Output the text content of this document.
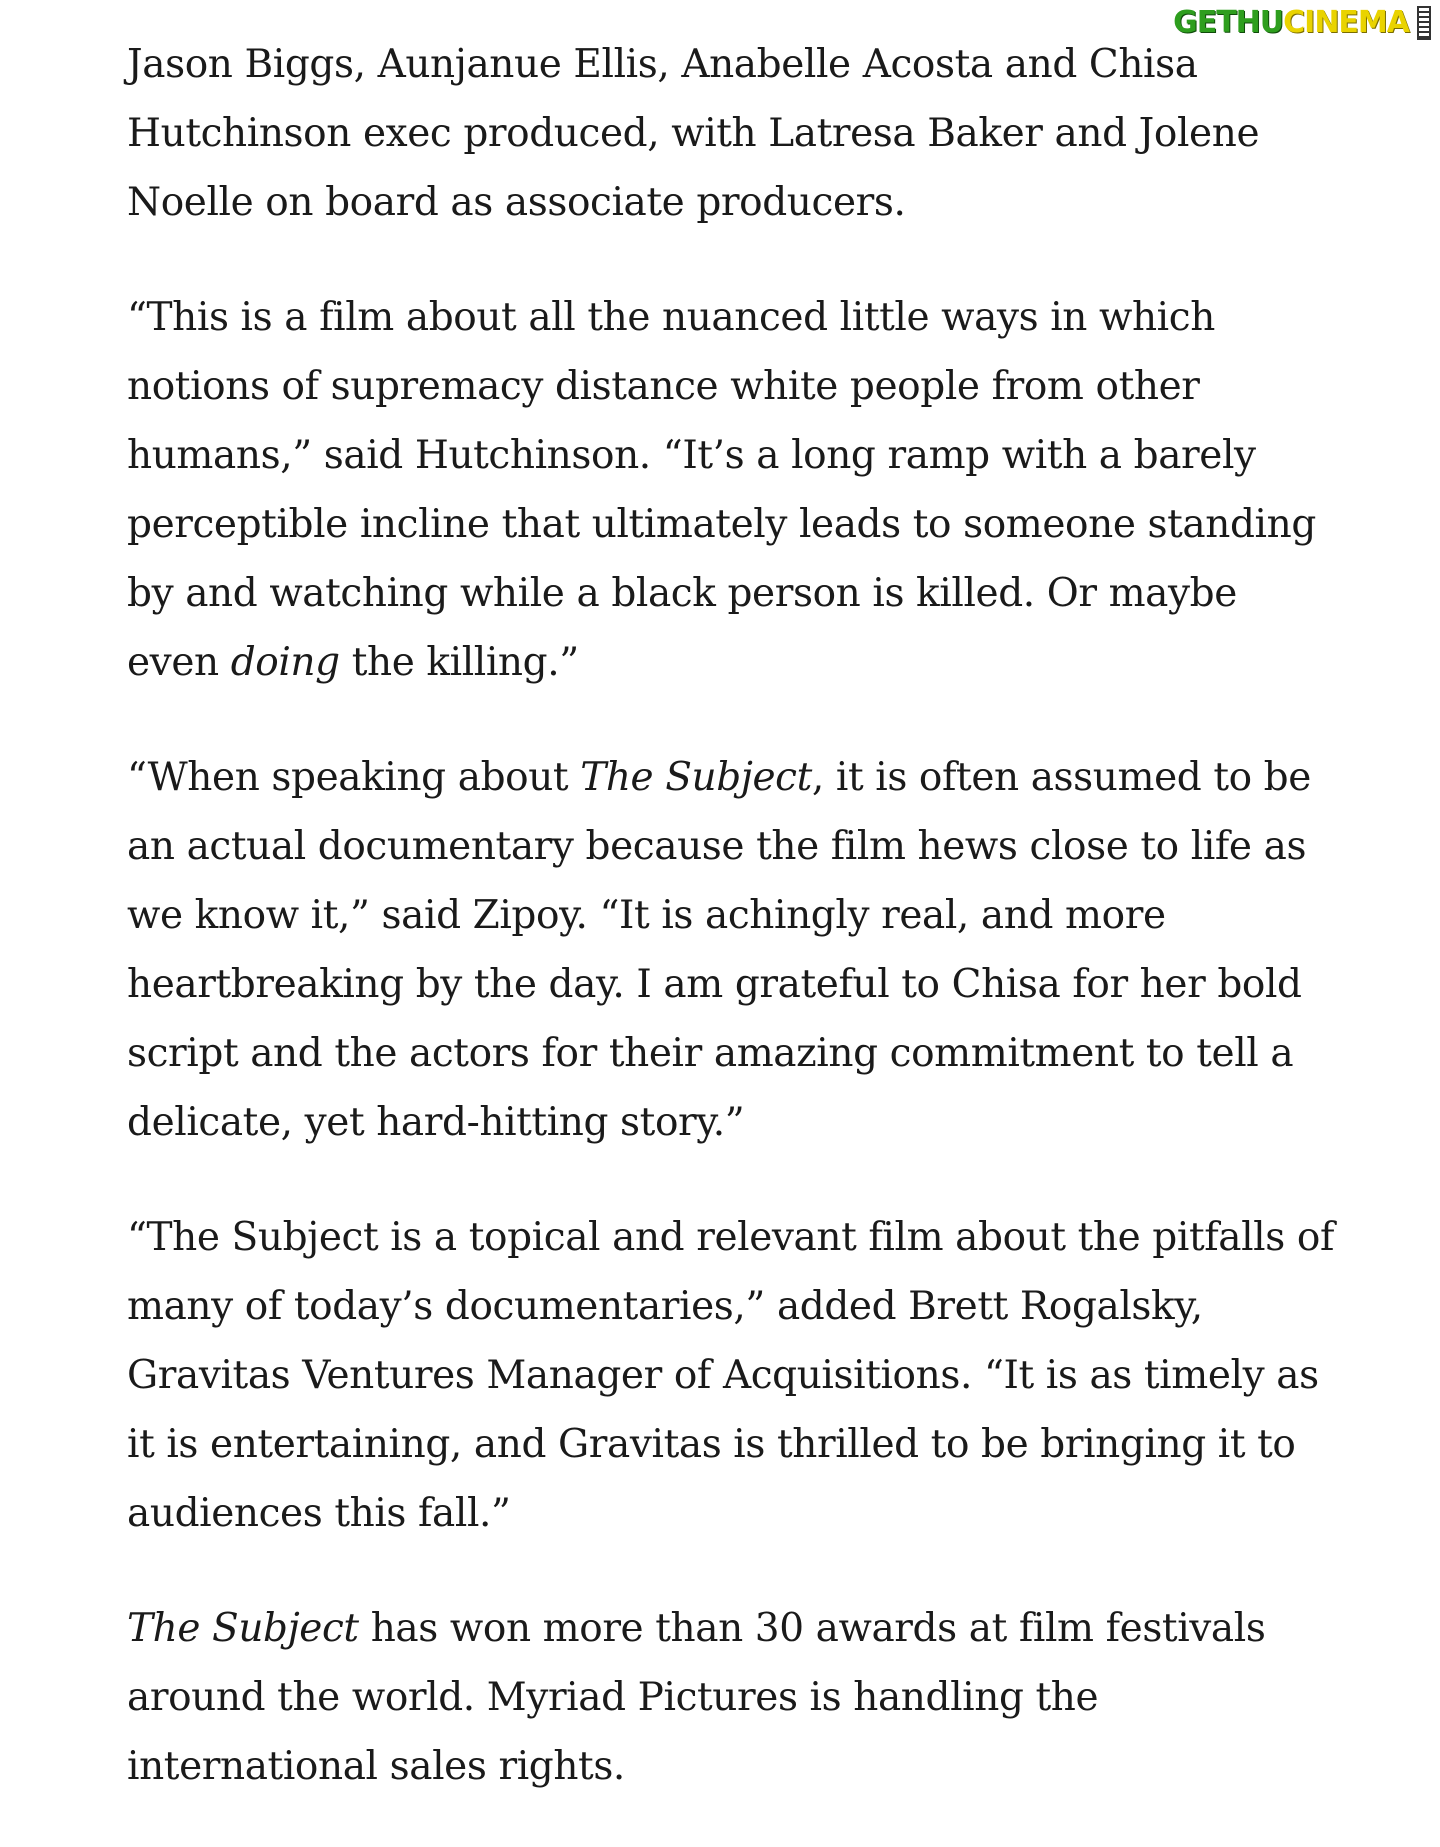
GETHU CINEMA

Jason Biggs, Aunjanue Ellis, Anabelle Acosta and Chisa Hutchinson exec produced, with Latresa Baker and Jolene Noelle on board as associate producers.

“This is a film about all the nuanced little ways in which notions of supremacy distance white people from other humans,” said Hutchinson. “It’s a long ramp with a barely perceptible incline that ultimately leads to someone standing by and watching while a black person is killed. Or maybe even doing the killing.”

“When speaking about The Subject, it is often assumed to be an actual documentary because the film hews close to life as we know it,” said Zipoy. “It is achingly real, and more heartbreaking by the day. I am grateful to Chisa for her bold script and the actors for their amazing commitment to tell a delicate, yet hard-hitting story.”

“The Subject is a topical and relevant film about the pitfalls of many of today’s documentaries,” added Brett Rogalsky, Gravitas Ventures Manager of Acquisitions. “It is as timely as it is entertaining, and Gravitas is thrilled to be bringing it to audiences this fall.”

The Subject has won more than 30 awards at film festivals around the world. Myriad Pictures is handling the international sales rights.
